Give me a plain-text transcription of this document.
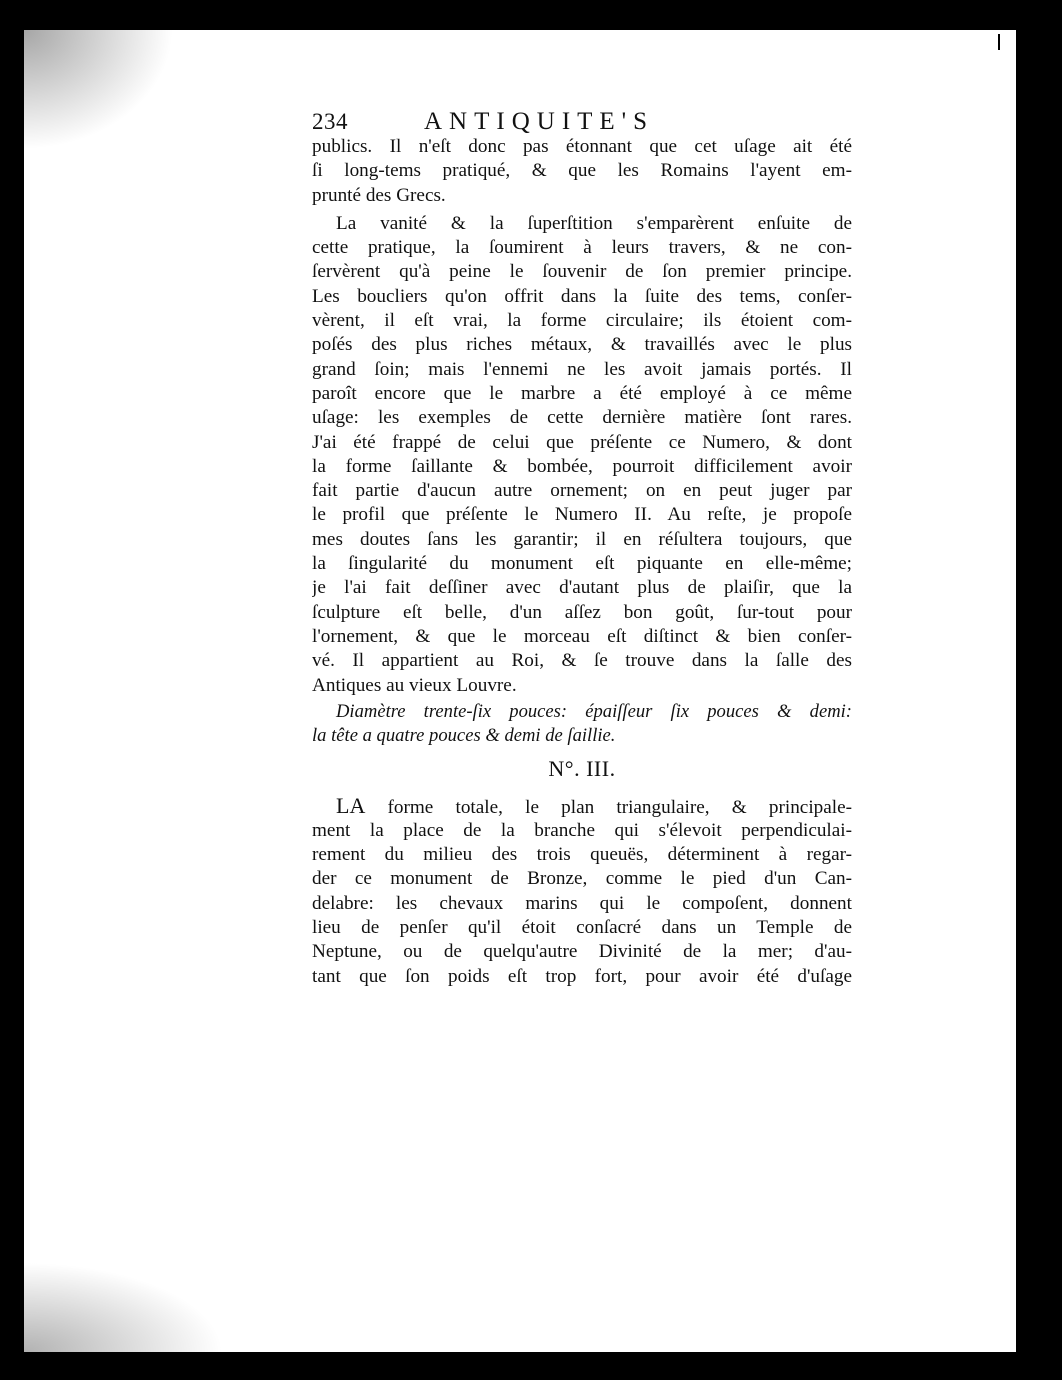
234	ANTIQUITE'S
publics. Il n'eſt donc pas étonnant que cet uſage ait été
ſi long-tems pratiqué, & que les Romains l'ayent em-
prunté des Grecs.
La vanité & la ſuperſtition s'emparèrent enſuite de
cette pratique, la ſoumirent à leurs travers, & ne con-
ſervèrent qu'à peine le ſouvenir de ſon premier principe.
Les boucliers qu'on offrit dans la ſuite des tems, conſer-
vèrent, il eſt vrai, la forme circulaire; ils étoient com-
poſés des plus riches métaux, & travaillés avec le plus
grand ſoin; mais l'ennemi ne les avoit jamais portés. Il
paroît encore que le marbre a été employé à ce même
uſage: les exemples de cette dernière matière ſont rares.
J'ai été frappé de celui que préſente ce Numero, & dont
la forme ſaillante & bombée, pourroit difficilement avoir
fait partie d'aucun autre ornement; on en peut juger par
le profil que préſente le Numero II. Au reſte, je propoſe
mes doutes ſans les garantir; il en réſultera toujours, que
la ſingularité du monument eſt piquante en elle-même;
je l'ai fait deſſiner avec d'autant plus de plaiſir, que la
ſculpture eſt belle, d'un aſſez bon goût, ſur-tout pour
l'ornement, & que le morceau eſt diſtinct & bien conſer-
vé. Il appartient au Roi, & ſe trouve dans la ſalle des
Antiques au vieux Louvre.
Diamètre trente-ſix pouces: épaiſſeur ſix pouces & demi:
la tête a quatre pouces & demi de ſaillie.
N°. III.
LA forme totale, le plan triangulaire, & principale-
ment la place de la branche qui s'élevoit perpendiculai-
rement du milieu des trois queuës, déterminent à regar-
der ce monument de Bronze, comme le pied d'un Can-
delabre: les chevaux marins qui le compoſent, donnent
lieu de penſer qu'il étoit conſacré dans un Temple de
Neptune, ou de quelqu'autre Divinité de la mer; d'au-
tant que ſon poids eſt trop fort, pour avoir été d'uſage
